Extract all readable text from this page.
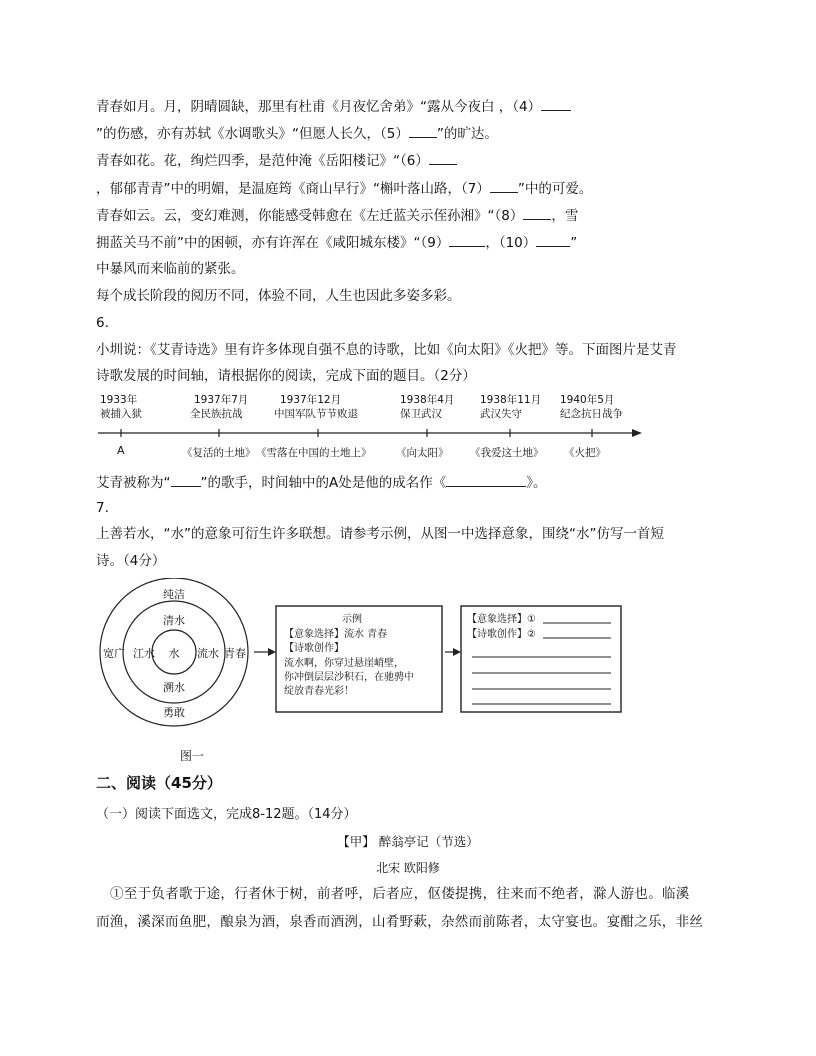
青春如月。月，阴晴圆缺，那里有杜甫《月夜忆舍弟》“露从今夜白 ，（4）
”的伤感，亦有苏轼《水调歌头》“但愿人长久，（5） ”的旷达。
青春如花。花，绚烂四季，是范仲淹《岳阳楼记》“（6）
，郁郁青青”中的明媚，是温庭筠《商山早行》“槲叶落山路，（7） ”中的可爱。
青春如云。云，变幻难测，你能感受韩愈在《左迁蓝关示侄孙湘》“（8） ，雪
拥蓝关马不前”中的困顿，亦有许浑在《咸阳城东楼》“（9）	，（10）	”
中暴风而来临前的紧张。
每个成长阶段的阅历不同，体验不同，人生也因此多姿多彩。
6.
小圳说：《艾青诗选》里有许多体现自强不息的诗歌，比如《向太阳》《火把》等。下面图片是艾青
诗歌发展的时间轴，请根据你的阅读，完成下面的题目。（2分）
1933年
被捕入狱
1937年7月
全民族抗战
1937年12月
中国军队节节败退
1938年4月
保卫武汉
1938年11月
武汉失守
1940年5月
纪念抗日战争
A	《复活的土地》 《雪落在中国的土地上》 《向太阳》 《我爱这土地》 《火把》
艾青被称为“ ”的歌手，时间轴中的A处是他的成名作《	》。
7.
上善若水，“水”的意象可衍生许多联想。请参考示例，从图一中选择意象，围绕“水”仿写一首短
诗。（4分）
水
清水
江水	流水
溯水
纯洁
宽广	青春
勇敢
示例
【意象选择】流水 青春
【诗歌创作】
流水啊，你穿过悬崖峭壁，
你冲倒层层沙积石，在驰骋中
绽放青春光彩！
【意象选择】①
【诗歌创作】②
图一
二、阅读（45分）
（一）阅读下面选文，完成8-12题。（14分）
【甲】 醉翁亭记（节选）
北宋 欧阳修
①至于负者歌于途，行者休于树，前者呼，后者应，伛偻提携，往来而不绝者，滁人游也。临溪
而渔，溪深而鱼肥，酿泉为酒，泉香而酒洌，山肴野蔌，杂然而前陈者，太守宴也。宴酣之乐，非丝
